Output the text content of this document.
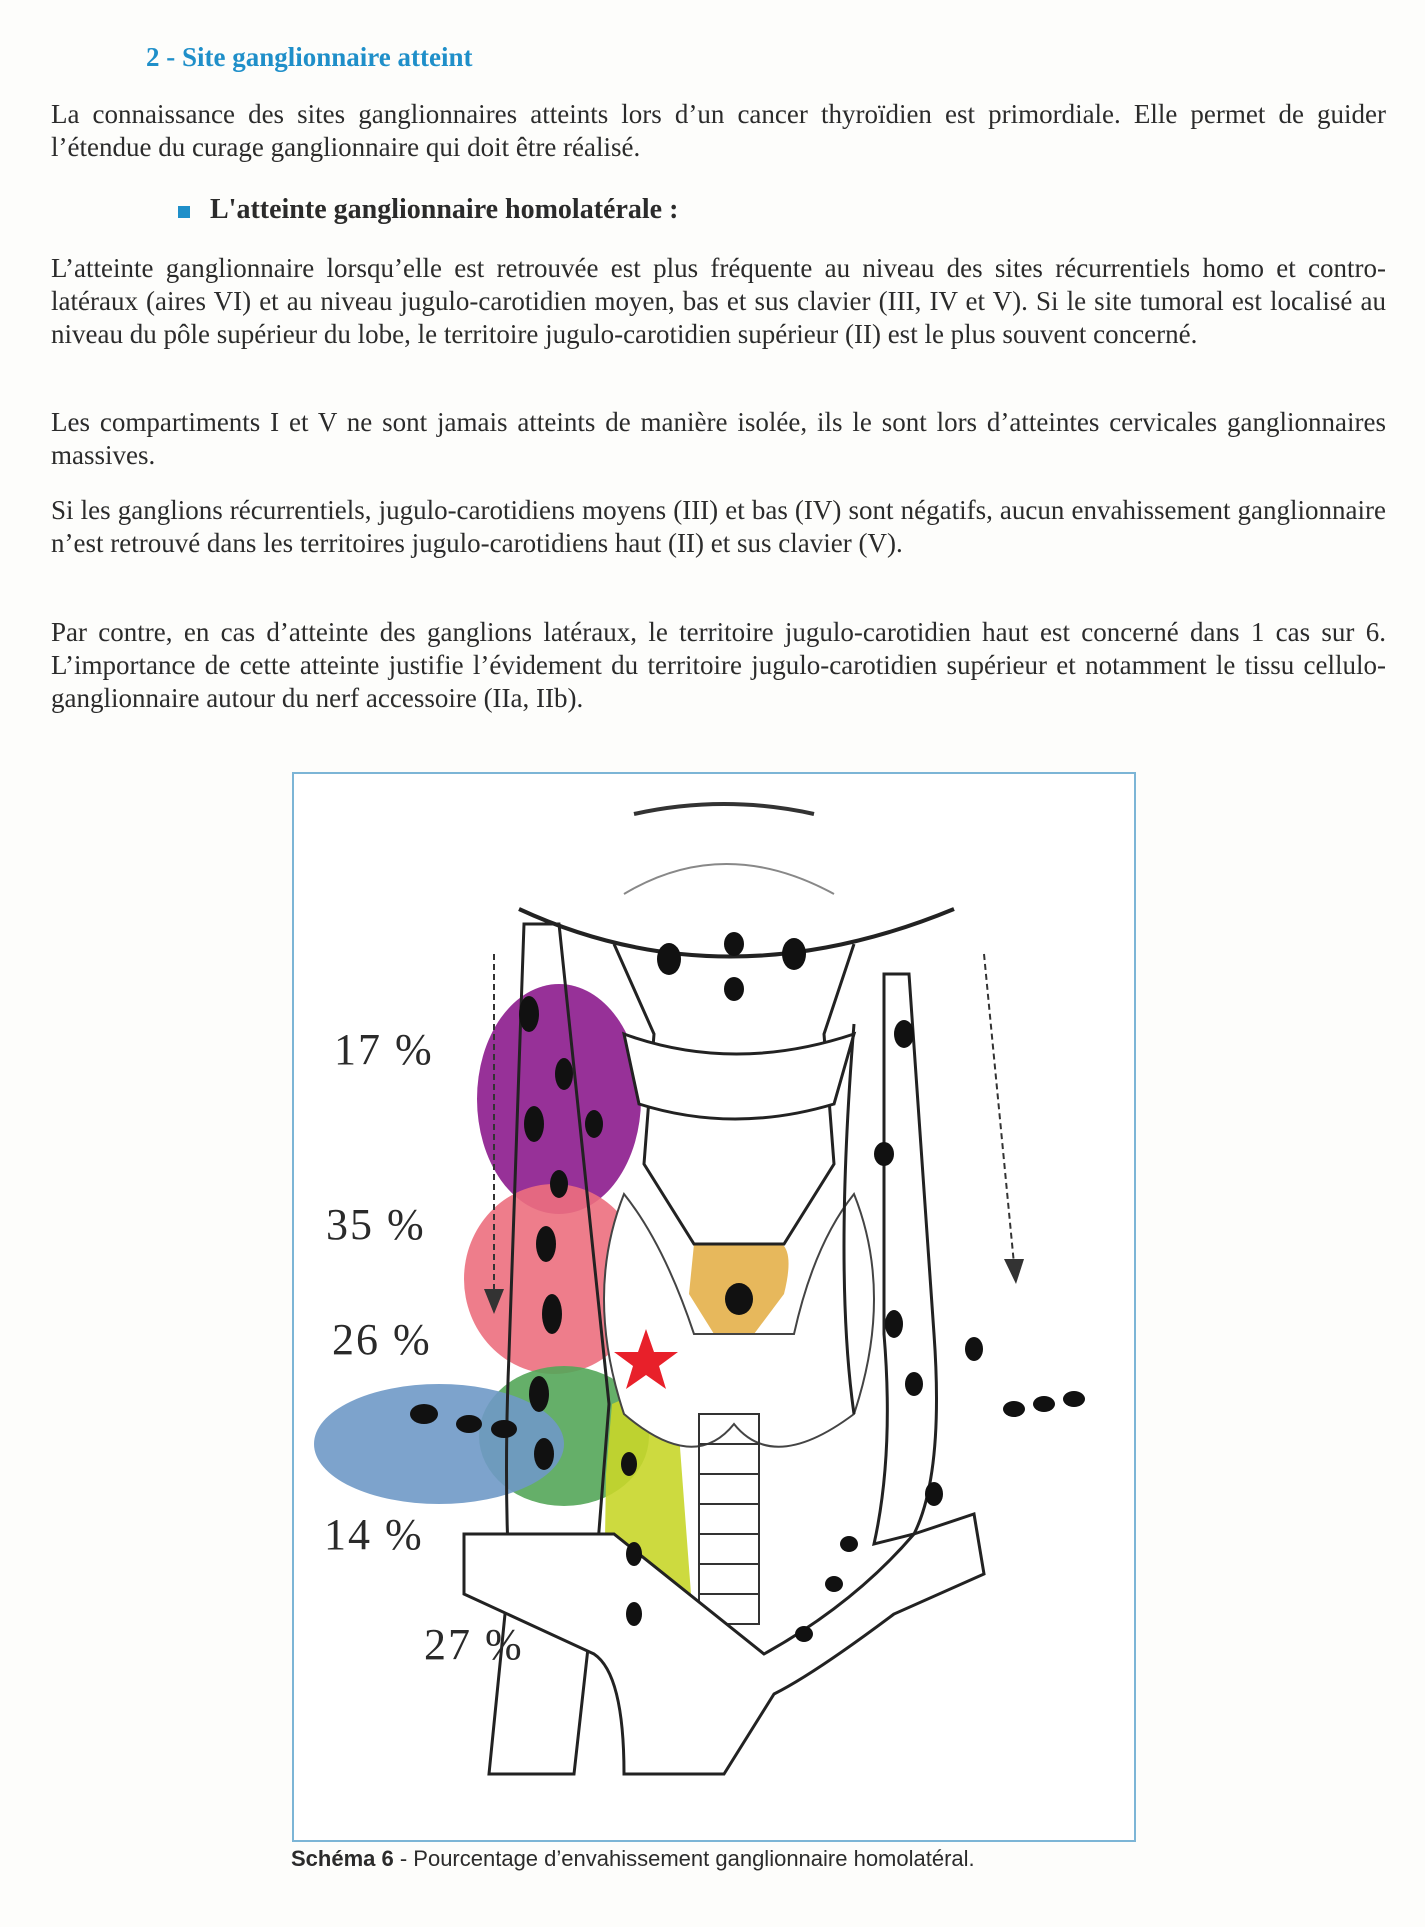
2 - Site ganglionnaire atteint

La connaissance des sites ganglionnaires atteints lors d’un cancer thyroïdien est primordiale. Elle permet de guider l’étendue du curage ganglionnaire qui doit être réalisé.

L'atteinte ganglionnaire homolatérale :

L’atteinte ganglionnaire lorsqu’elle est retrouvée est plus fréquente au niveau des sites récurrentiels homo et contro-latéraux (aires VI) et au niveau jugulo-carotidien moyen, bas et sus clavier (III, IV et V). Si le site tumoral est localisé au niveau du pôle supérieur du lobe, le territoire jugulo-carotidien supérieur (II) est le plus souvent concerné.

Les compartiments I et V ne sont jamais atteints de manière isolée, ils le sont lors d’atteintes cervicales ganglionnaires massives.

Si les ganglions récurrentiels, jugulo-carotidiens moyens (III) et bas (IV) sont négatifs, aucun envahissement ganglionnaire n’est retrouvé dans les territoires jugulo-carotidiens haut (II) et sus clavier (V).

Par contre, en cas d’atteinte des ganglions latéraux, le territoire jugulo-carotidien haut est concerné dans 1 cas sur 6. L’importance de cette atteinte justifie l’évidement du territoire jugulo-carotidien supérieur et notamment le tissu cellulo-ganglionnaire autour du nerf accessoire (IIa, IIb).

17 %
35 %
26 %
14 %
27 %
Schéma 6 - Pourcentage d’envahissement ganglionnaire homolatéral.
